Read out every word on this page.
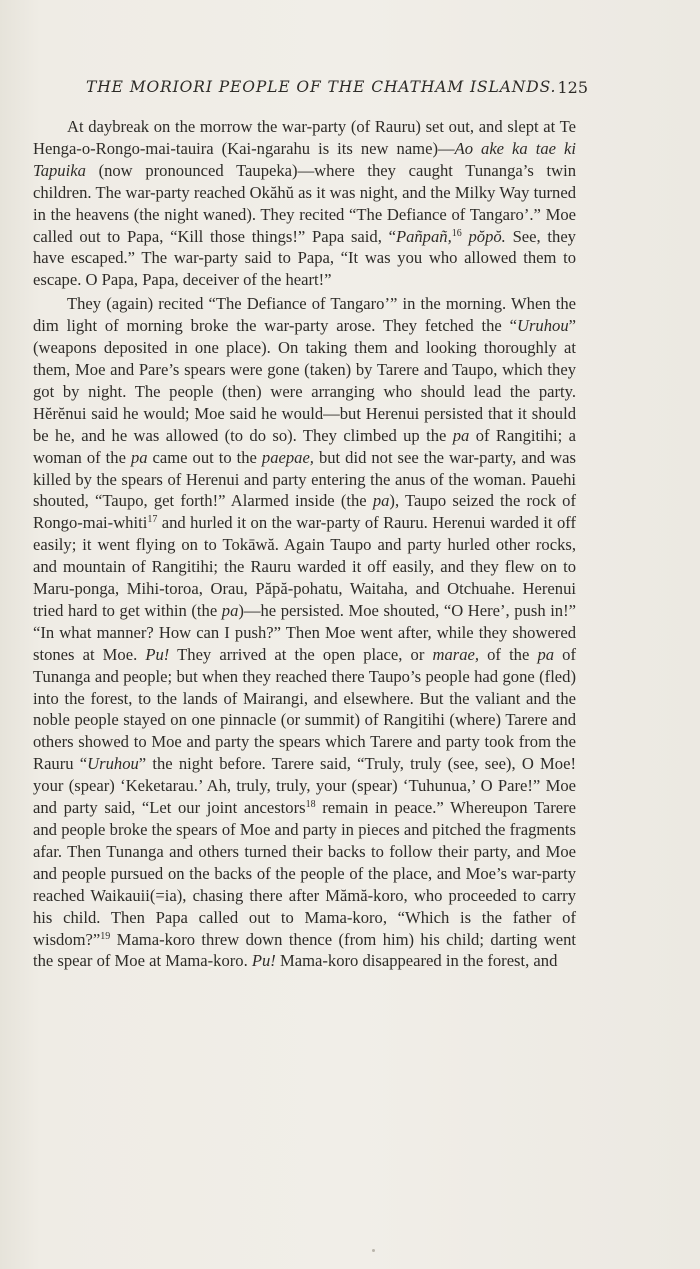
THE MORIORI PEOPLE OF THE CHATHAM ISLANDS. 125

At daybreak on the morrow the war-party (of Rauru) set out, and slept at Te Henga-o-Rongo-mai-tauira (Kai-ngarahu is its new name)—Ao ake ka tae ki Tapuika (now pronounced Taupeka)—where they caught Tunanga’s twin children. The war-party reached Okăhŭ as it was night, and the Milky Way turned in the heavens (the night waned). They recited “The Defiance of Tangaro’.” Moe called out to Papa, “Kill those things!” Papa said, “Pañpañ,$^{16}$ pŏpŏ. See, they have escaped.” The war-party said to Papa, “It was you who allowed them to escape. O Papa, Papa, deceiver of the heart!”

They (again) recited “The Defiance of Tangaro’” in the morning. When the dim light of morning broke the war-party arose. They fetched the “Uruhou” (weapons deposited in one place). On taking them and looking thoroughly at them, Moe and Pare’s spears were gone (taken) by Tarere and Taupo, which they got by night. The people (then) were arranging who should lead the party. Hĕrĕnui said he would; Moe said he would—but Herenui persisted that it should be he, and he was allowed (to do so). They climbed up the pa of Rangitihi; a woman of the pa came out to the paepae, but did not see the war-party, and was killed by the spears of Herenui and party entering the anus of the woman. Pauehi shouted, “Taupo, get forth!” Alarmed inside (the pa), Taupo seized the rock of Rongo-mai-whiti$^{17}$ and hurled it on the war-party of Rauru. Herenui warded it off easily; it went flying on to Tokāwă. Again Taupo and party hurled other rocks, and mountain of Rangitihi; the Rauru warded it off easily, and they flew on to Maru-ponga, Mihi-toroa, Orau, Păpă-pohatu, Waitaha, and Otchuahe. Herenui tried hard to get within (the pa)—he persisted. Moe shouted, “O Here’, push in!” “In what manner? How can I push?” Then Moe went after, while they showered stones at Moe. Pu! They arrived at the open place, or marae, of the pa of Tunanga and people; but when they reached there Taupo’s people had gone (fled) into the forest, to the lands of Mairangi, and elsewhere. But the valiant and the noble people stayed on one pinnacle (or summit) of Rangitihi (where) Tarere and others showed to Moe and party the spears which Tarere and party took from the Rauru “Uruhou” the night before. Tarere said, “Truly, truly (see, see), O Moe! your (spear) ‘Keketarau.’ Ah, truly, truly, your (spear) ‘Tuhunua,’ O Pare!” Moe and party said, “Let our joint ancestors$^{18}$ remain in peace.” Whereupon Tarere and people broke the spears of Moe and party in pieces and pitched the fragments afar. Then Tunanga and others turned their backs to follow their party, and Moe and people pursued on the backs of the people of the place, and Moe’s war-party reached Waikauii(=ia), chasing there after Mămă-koro, who proceeded to carry his child. Then Papa called out to Mama-koro, “Which is the father of wisdom?”$^{19}$ Mama-koro threw down thence (from him) his child; darting went the spear of Moe at Mama-koro. Pu! Mama-koro disappeared in the forest, and
